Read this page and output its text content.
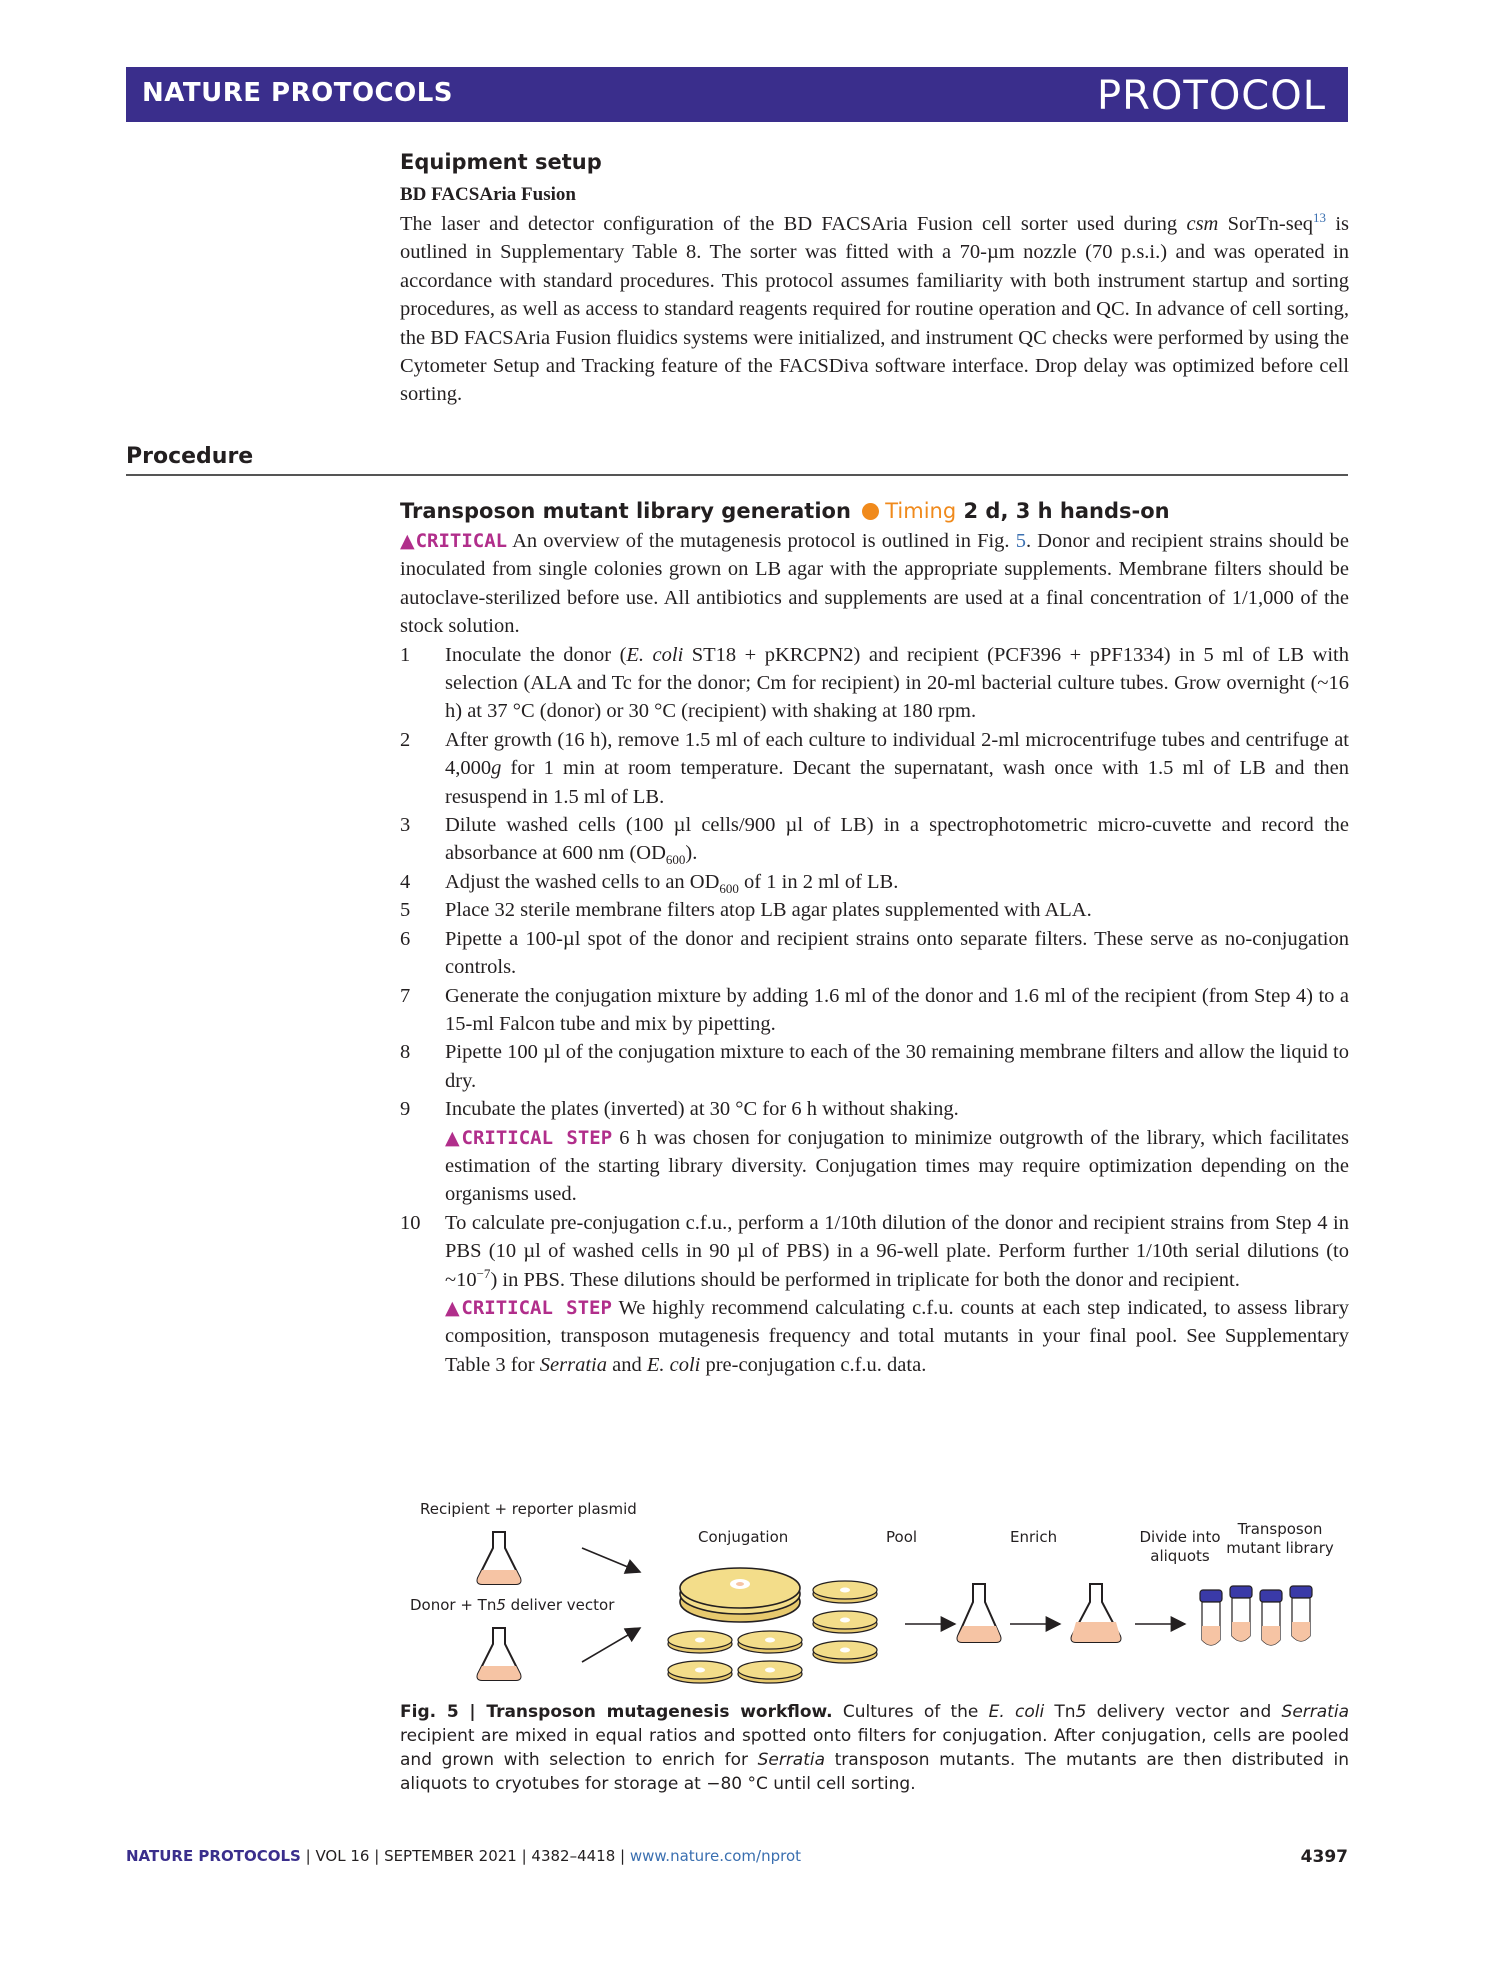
NATURE PROTOCOLS	PROTOCOL
Equipment setup
BD FACSAria Fusion
The laser and detector configuration of the BD FACSAria Fusion cell sorter used during csm SorTn-seq$^{13}$ is outlined in Supplementary Table 8. The sorter was fitted with a 70-µm nozzle (70 p.s.i.) and was operated in accordance with standard procedures. This protocol assumes familiarity with both instrument startup and sorting procedures, as well as access to standard reagents required for routine operation and QC. In advance of cell sorting, the BD FACSAria Fusion fluidics systems were initialized, and instrument QC checks were performed by using the Cytometer Setup and Tracking feature of the FACSDiva software interface. Drop delay was optimized before cell sorting.
Procedure
Transposon mutant library generation Timing 2 d, 3 h hands-on
▲CRITICAL An overview of the mutagenesis protocol is outlined in Fig. 5. Donor and recipient strains should be inoculated from single colonies grown on LB agar with the appropriate supplements. Membrane filters should be autoclave-sterilized before use. All antibiotics and supplements are used at a final concentration of 1/1,000 of the stock solution.
1	Inoculate the donor (E. coli ST18 + pKRCPN2) and recipient (PCF396 + pPF1334) in 5 ml of LB with selection (ALA and Tc for the donor; Cm for recipient) in 20-ml bacterial culture tubes. Grow overnight (~16 h) at 37 °C (donor) or 30 °C (recipient) with shaking at 180 rpm.
2	After growth (16 h), remove 1.5 ml of each culture to individual 2-ml microcentrifuge tubes and centrifuge at 4,000g for 1 min at room temperature. Decant the supernatant, wash once with 1.5 ml of LB and then resuspend in 1.5 ml of LB.
3	Dilute washed cells (100 µl cells/900 µl of LB) in a spectrophotometric micro-cuvette and record the absorbance at 600 nm $(OD_{600})$.
4	Adjust the washed cells to an $OD_{600}$ of 1 in 2 ml of LB.
5	Place 32 sterile membrane filters atop LB agar plates supplemented with ALA.
6	Pipette a 100-µl spot of the donor and recipient strains onto separate filters. These serve as no-conjugation controls.
7	Generate the conjugation mixture by adding 1.6 ml of the donor and 1.6 ml of the recipient (from Step 4) to a 15-ml Falcon tube and mix by pipetting.
8	Pipette 100 µl of the conjugation mixture to each of the 30 remaining membrane filters and allow the liquid to dry.
9	Incubate the plates (inverted) at 30 °C for 6 h without shaking.
▲CRITICAL STEP 6 h was chosen for conjugation to minimize outgrowth of the library, which facilitates estimation of the starting library diversity. Conjugation times may require optimization depending on the organisms used.
10	To calculate pre-conjugation c.f.u., perform a 1/10th dilution of the donor and recipient strains from Step 4 in PBS (10 µl of washed cells in 90 µl of PBS) in a 96-well plate. Perform further 1/10th serial dilutions (to $\sim 10^{-7}$) in PBS. These dilutions should be performed in triplicate for both the donor and recipient.
▲CRITICAL STEP We highly recommend calculating c.f.u. counts at each step indicated, to assess library composition, transposon mutagenesis frequency and total mutants in your final pool. See Supplementary Table 3 for Serratia and E. coli pre-conjugation c.f.u. data.
Recipient + reporter plasmid
Donor + Tn5 deliver vector
Conjugation	Pool	Enrich	Divide into
aliquots
Transposon
mutant library
Fig. 5 | Transposon mutagenesis workflow. Cultures of the E. coli Tn5 delivery vector and Serratia recipient are mixed in equal ratios and spotted onto filters for conjugation. After conjugation, cells are pooled and grown with selection to enrich for Serratia transposon mutants. The mutants are then distributed in aliquots to cryotubes for storage at −80 °C until cell sorting.
NATURE PROTOCOLS | VOL 16 | SEPTEMBER 2021 | 4382–4418 | www.nature.com/nprot	4397
